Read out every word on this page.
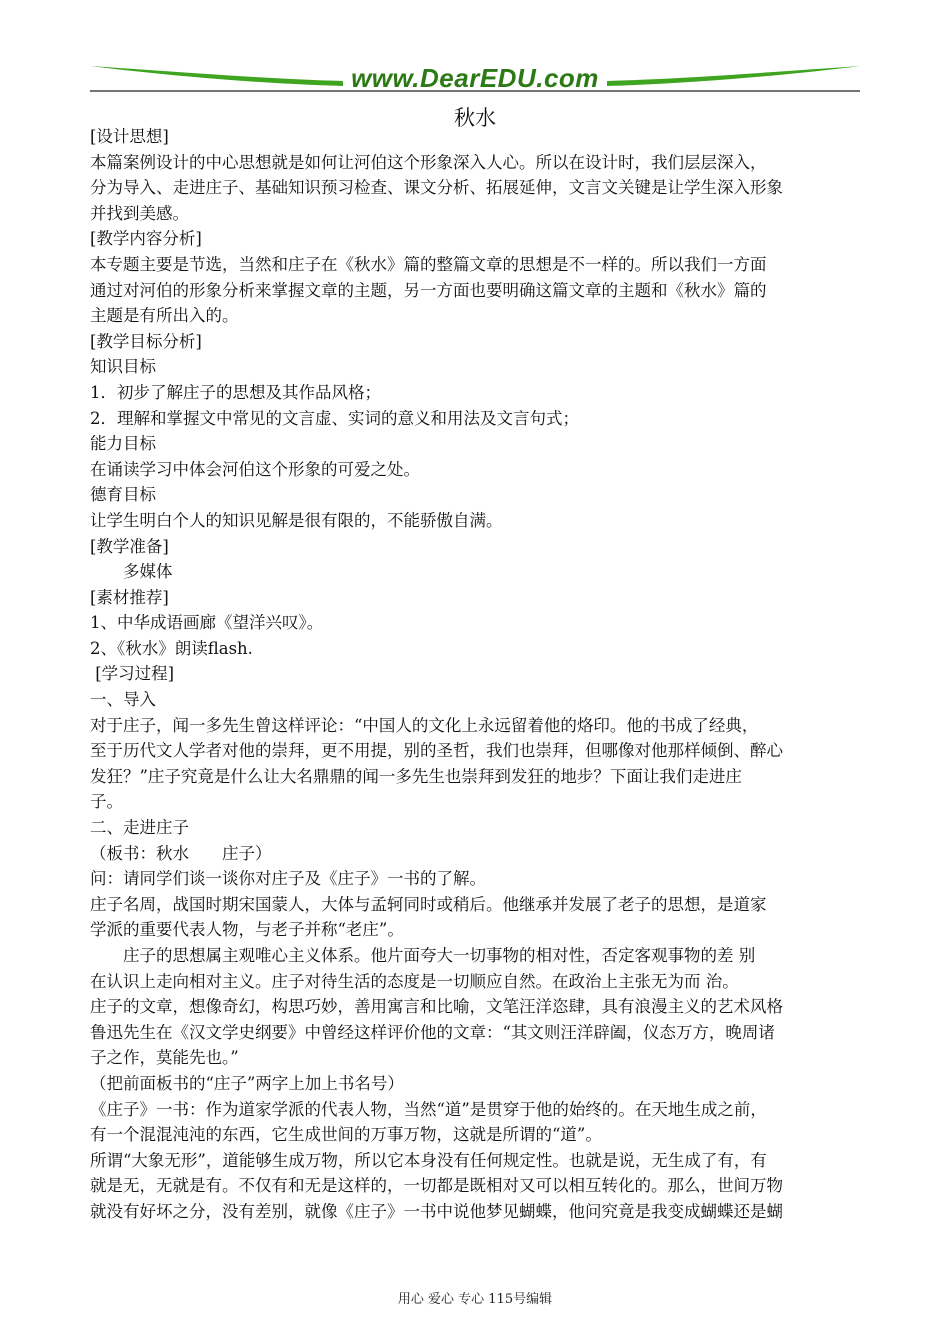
www.DearEDU.com
秋水

[设计思想]

本篇案例设计的中心思想就是如何让河伯这个形象深入人心。所以在设计时，我们层层深入，

分为导入、走进庄子、基础知识预习检查、课文分析、拓展延伸，文言文关键是让学生深入形象

并找到美感。

[教学内容分析]

本专题主要是节选，当然和庄子在《秋水》篇的整篇文章的思想是不一样的。所以我们一方面

通过对河伯的形象分析来掌握文章的主题，另一方面也要明确这篇文章的主题和《秋水》篇的

主题是有所出入的。

[教学目标分析]

知识目标

1．初步了解庄子的思想及其作品风格；

2．理解和掌握文中常见的文言虚、实词的意义和用法及文言句式；

能力目标

在诵读学习中体会河伯这个形象的可爱之处。

德育目标

让学生明白个人的知识见解是很有限的，不能骄傲自满。

[教学准备]

　　多媒体

[素材推荐]

1、中华成语画廊《望洋兴叹》。

2、《秋水》朗读flash.

[学习过程]

一、导入

对于庄子，闻一多先生曾这样评论：“中国人的文化上永远留着他的烙印。他的书成了经典，

至于历代文人学者对他的崇拜，更不用提，别的圣哲，我们也崇拜，但哪像对他那样倾倒、醉心

发狂？”庄子究竟是什么让大名鼎鼎的闻一多先生也崇拜到发狂的地步？下面让我们走进庄

子。

二、走进庄子

（板书：秋水　　庄子）

问：请同学们谈一谈你对庄子及《庄子》一书的了解。

庄子名周，战国时期宋国蒙人，大体与孟轲同时或稍后。他继承并发展了老子的思想，是道家

学派的重要代表人物，与老子并称“老庄”。

　　庄子的思想属主观唯心主义体系。他片面夸大一切事物的相对性，否定客观事物的差 别

在认识上走向相对主义。庄子对待生活的态度是一切顺应自然。在政治上主张无为而 治。

庄子的文章，想像奇幻，构思巧妙，善用寓言和比喻，文笔汪洋恣肆，具有浪漫主义的艺术风格

鲁迅先生在《汉文学史纲要》中曾经这样评价他的文章：“其文则汪洋辟阖，仪态万方，晚周诸

子之作，莫能先也。”

（把前面板书的“庄子”两字上加上书名号）

《庄子》一书：作为道家学派的代表人物，当然“道”是贯穿于他的始终的。在天地生成之前，

有一个混混沌沌的东西，它生成世间的万事万物，这就是所谓的“道”。

所谓“大象无形”，道能够生成万物，所以它本身没有任何规定性。也就是说，无生成了有，有

就是无，无就是有。不仅有和无是这样的，一切都是既相对又可以相互转化的。那么，世间万物

就没有好坏之分，没有差别，就像《庄子》一书中说他梦见蝴蝶，他问究竟是我变成蝴蝶还是蝴

用心 爱心 专心 115号编辑
